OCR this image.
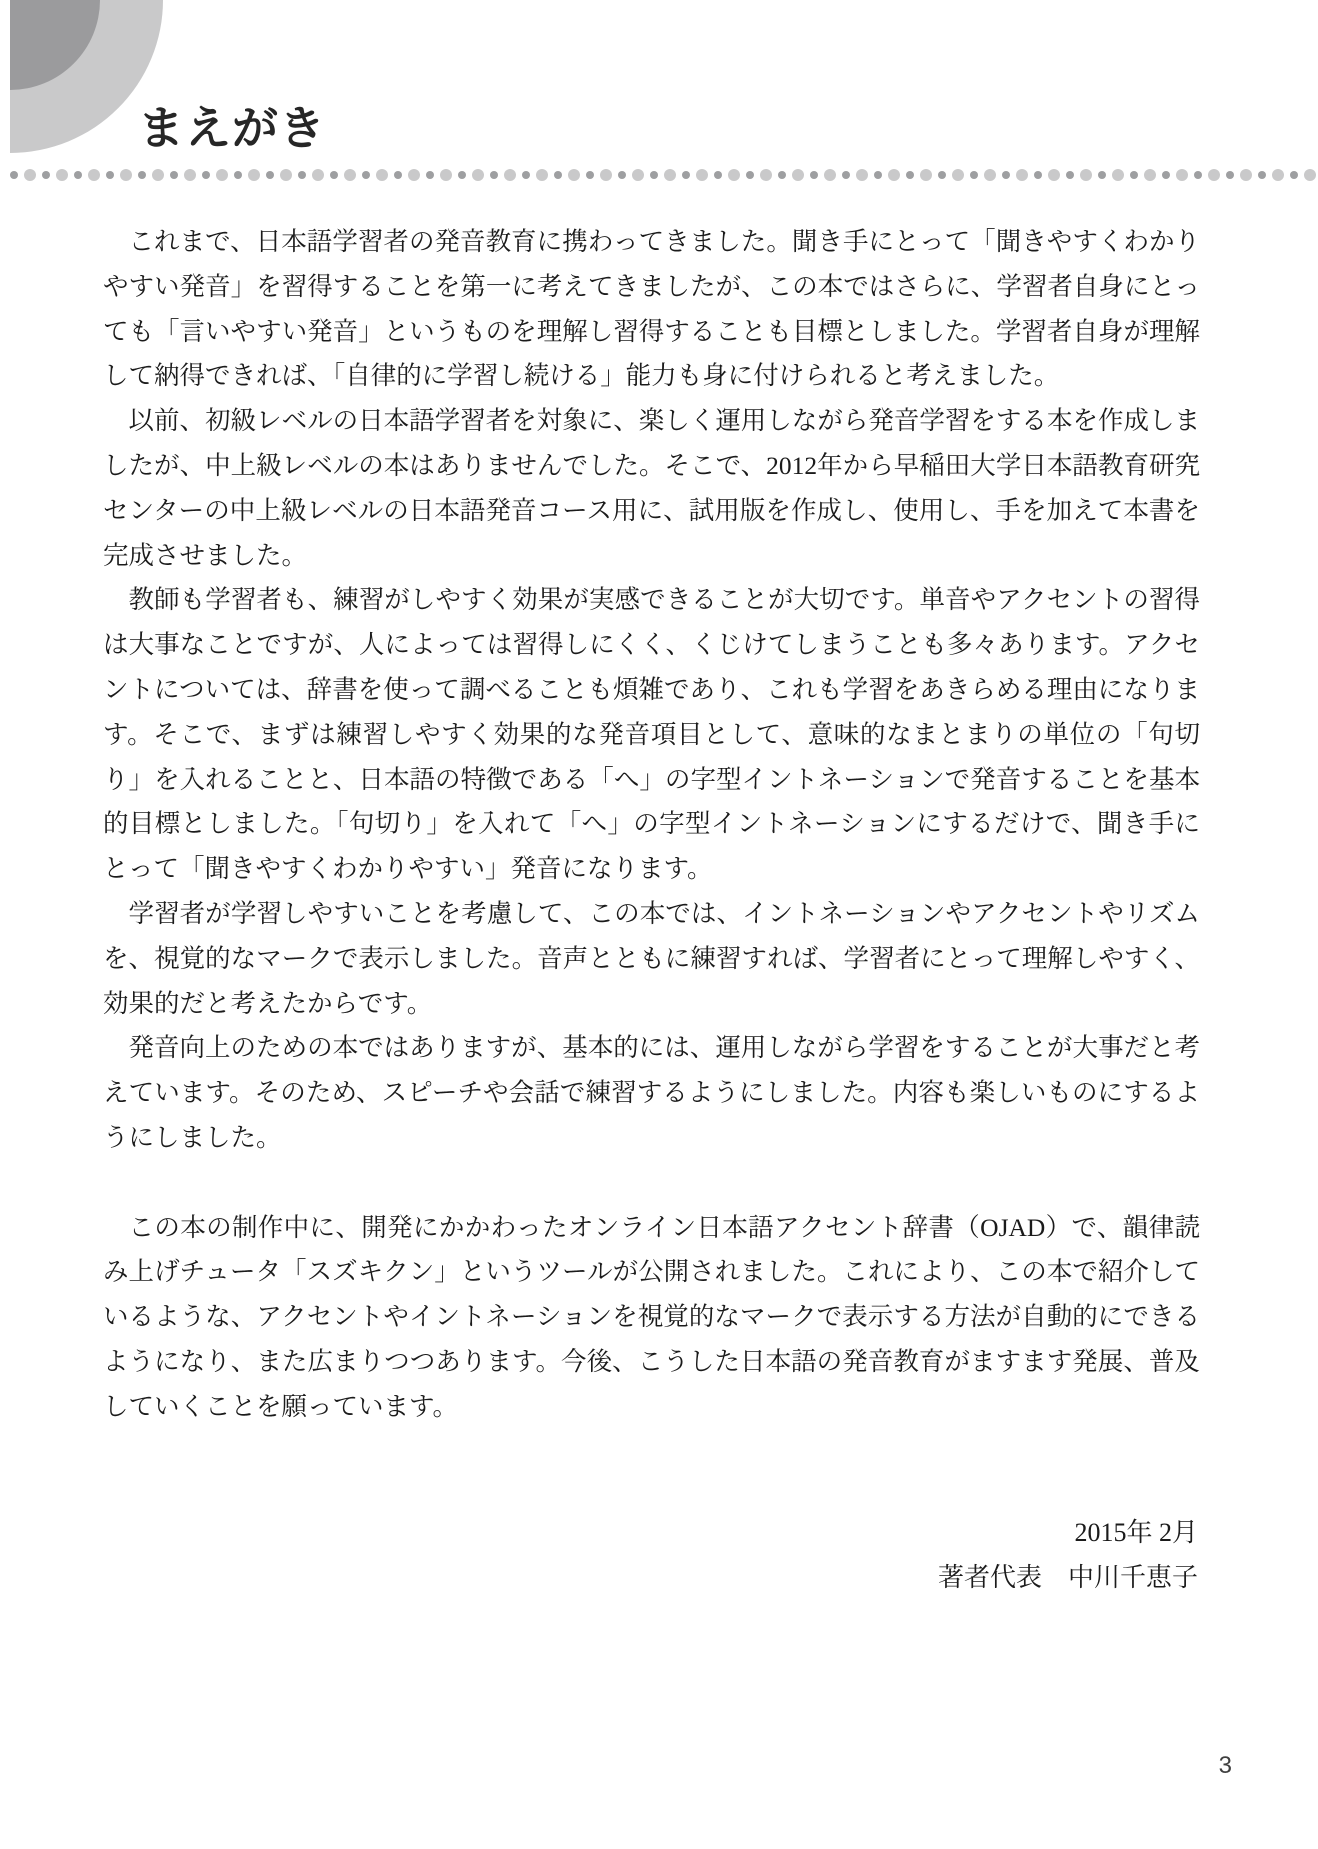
まえがき

これまで、日本語学習者の発音教育に携わってきました。聞き手にとって「聞きやすくわかりやすい発音」を習得することを第一に考えてきましたが、この本ではさらに、学習者自身にとっても「言いやすい発音」というものを理解し習得することも目標としました。学習者自身が理解して納得できれば、「自律的に学習し続ける」能力も身に付けられると考えました。

以前、初級レベルの日本語学習者を対象に、楽しく運用しながら発音学習をする本を作成しましたが、中上級レベルの本はありませんでした。そこで、2012年から早稲田大学日本語教育研究センターの中上級レベルの日本語発音コース用に、試用版を作成し、使用し、手を加えて本書を完成させました。

教師も学習者も、練習がしやすく効果が実感できることが大切です。単音やアクセントの習得は大事なことですが、人によっては習得しにくく、くじけてしまうことも多々あります。アクセントについては、辞書を使って調べることも煩雑であり、これも学習をあきらめる理由になります。そこで、まずは練習しやすく効果的な発音項目として、意味的なまとまりの単位の「句切り」を入れることと、日本語の特徴である「へ」の字型イントネーションで発音することを基本的目標としました。「句切り」を入れて「へ」の字型イントネーションにするだけで、聞き手にとって「聞きやすくわかりやすい」発音になります。

学習者が学習しやすいことを考慮して、この本では、イントネーションやアクセントやリズムを、視覚的なマークで表示しました。音声とともに練習すれば、学習者にとって理解しやすく、効果的だと考えたからです。

発音向上のための本ではありますが、基本的には、運用しながら学習をすることが大事だと考えています。そのため、スピーチや会話で練習するようにしました。内容も楽しいものにするようにしました。

この本の制作中に、開発にかかわったオンライン日本語アクセント辞書（OJAD）で、韻律読み上げチュータ「スズキクン」というツールが公開されました。これにより、この本で紹介しているような、アクセントやイントネーションを視覚的なマークで表示する方法が自動的にできるようになり、また広まりつつあります。今後、こうした日本語の発音教育がますます発展、普及していくことを願っています。

2015年 2月
著者代表　中川千恵子
3
